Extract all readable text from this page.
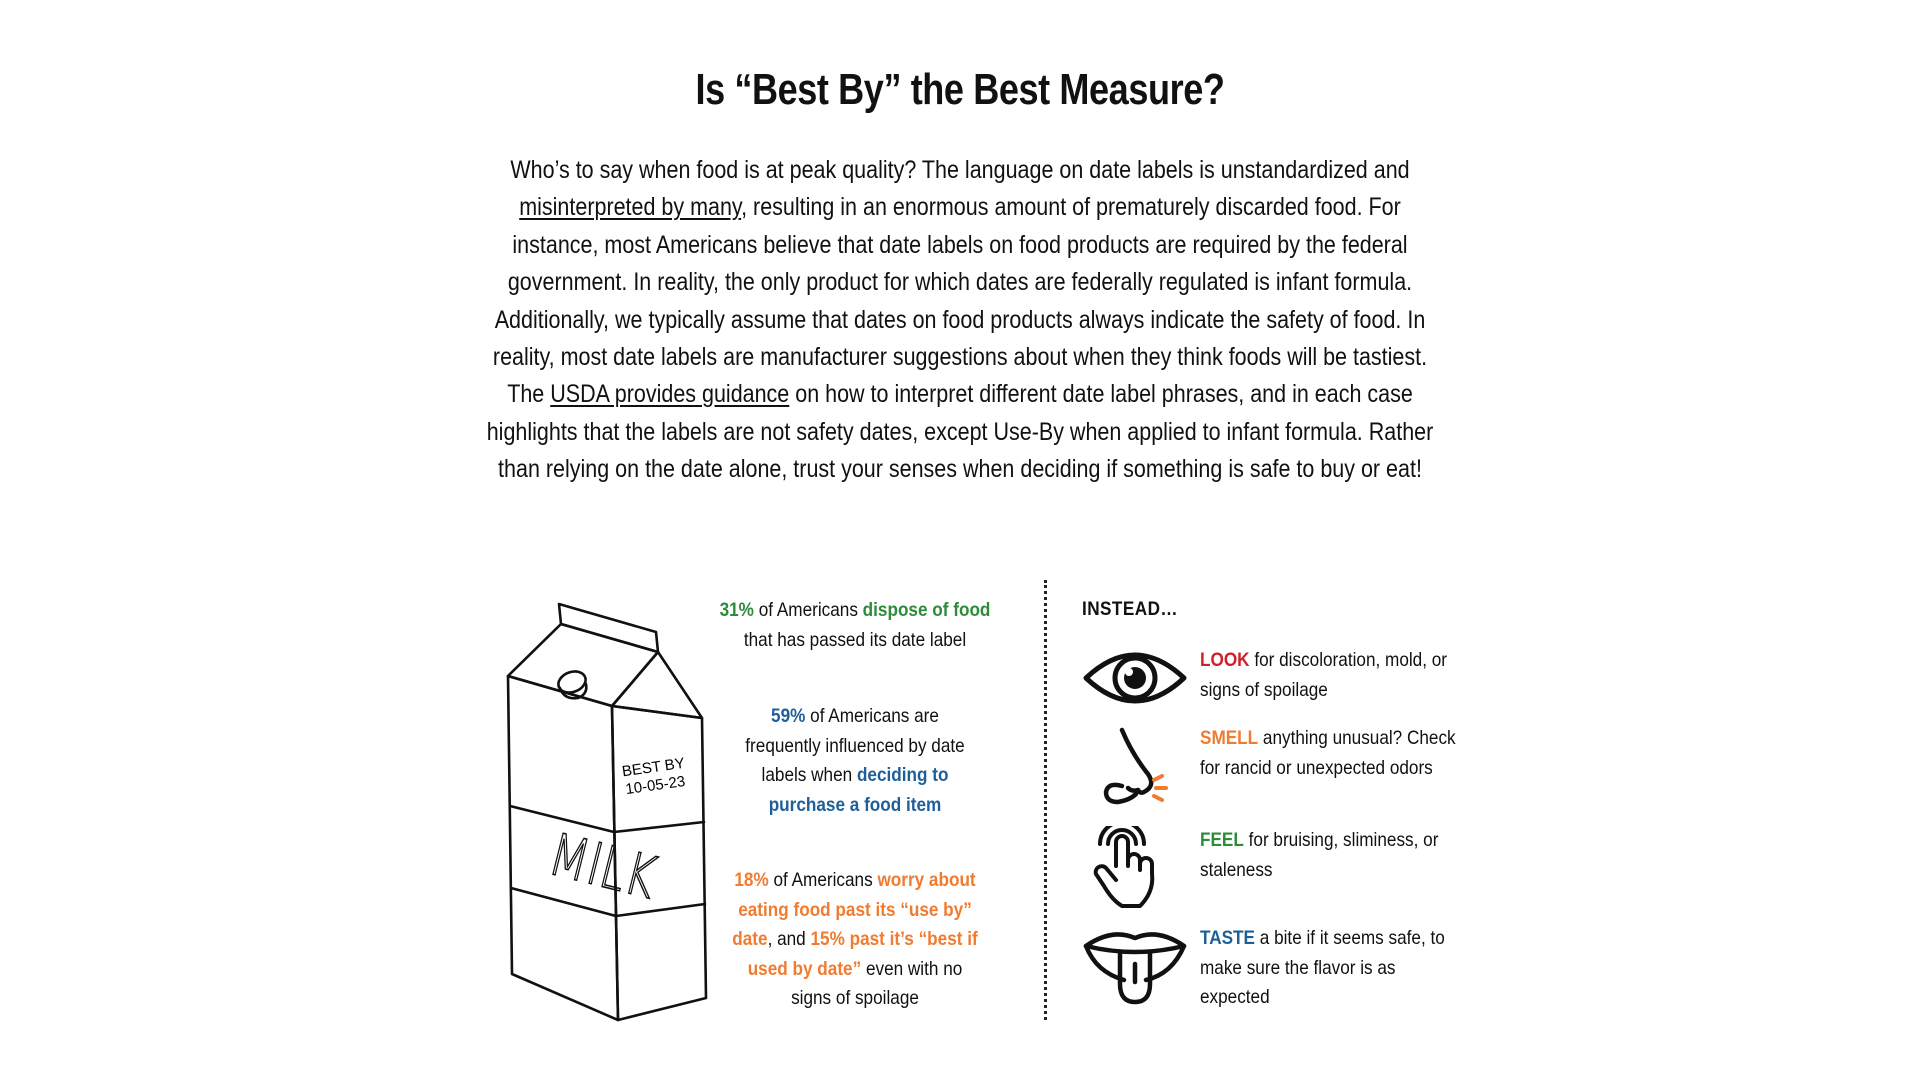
Is “Best By” the Best Measure?

Who’s to say when food is at peak quality? The language on date labels is unstandardized and misinterpreted by many, resulting in an enormous amount of prematurely discarded food. For instance, most Americans believe that date labels on food products are required by the federal government. In reality, the only product for which dates are federally regulated is infant formula. Additionally, we typically assume that dates on food products always indicate the safety of food. In reality, most date labels are manufacturer suggestions about when they think foods will be tastiest. The USDA provides guidance on how to interpret different date label phrases, and in each case highlights that the labels are not safety dates, except Use-By when applied to infant formula. Rather than relying on the date alone, trust your senses when deciding if something is safe to buy or eat!

BEST BY
10-05-23
MILK
31% of Americans dispose of food that has passed its date label
59% of Americans are frequently influenced by date labels when deciding to purchase a food item
18% of Americans worry about eating food past its “use by” date, and 15% past it’s “best if used by date” even with no signs of spoilage
INSTEAD…
LOOK for discoloration, mold, or signs of spoilage
SMELL anything unusual? Check for rancid or unexpected odors
FEEL for bruising, sliminess, or staleness
TASTE a bite if it seems safe, to make sure the flavor is as expected
